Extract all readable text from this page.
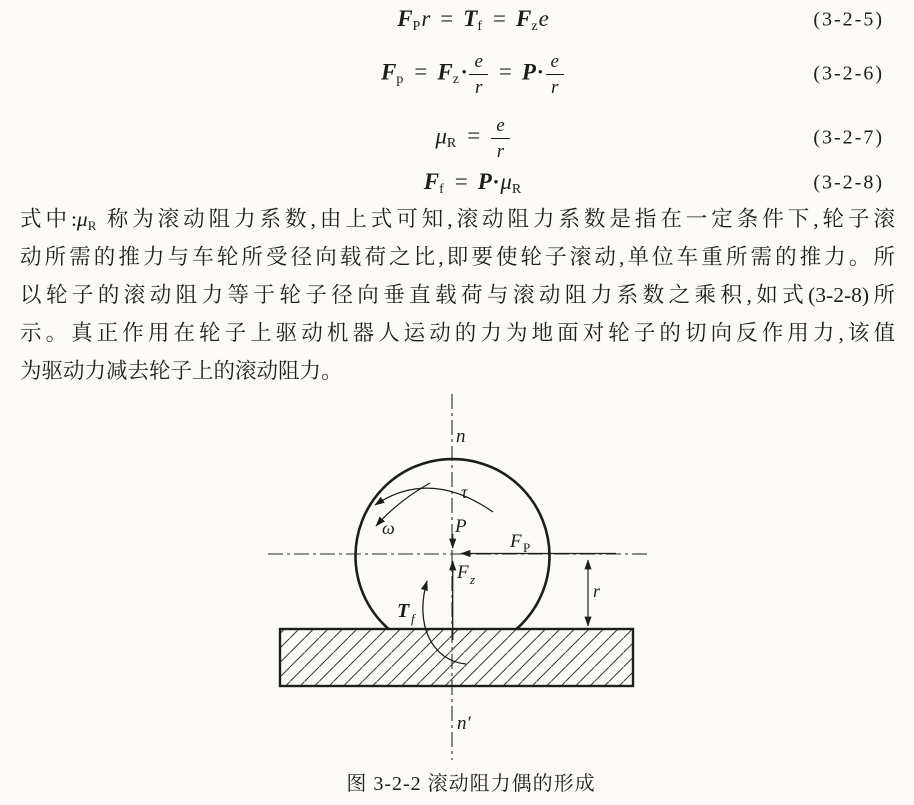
FPr = Tf = Fze	(3-2-5)
Fp = Fz• $\frac{e}{r} = P$ • $\frac{e}{r}$	(3-2-6)
$\mu R = \frac{e}{r}$	(3-2-7)
Ff = P •μR	(3-2-8)
式中:μR 称为滚动阻力系数,由上式可知,滚动阻力系数是指在一定条件下,轮子滚
动所需的推力与车轮所受径向载荷之比,即要使轮子滚动,单位车重所需的推力。所
以轮子的滚动阻力等于轮子径向垂直载荷与滚动阻力系数之乘积,如式(3-2-8)所
示。真正作用在轮子上驱动机器人运动的力为地面对轮子的切向反作用力,该值
为驱动力减去轮子上的滚动阻力。
n
n′
τ
ω	P
F z
F P
T f
r
图 3-2-2 滚动阻力偶的形成
